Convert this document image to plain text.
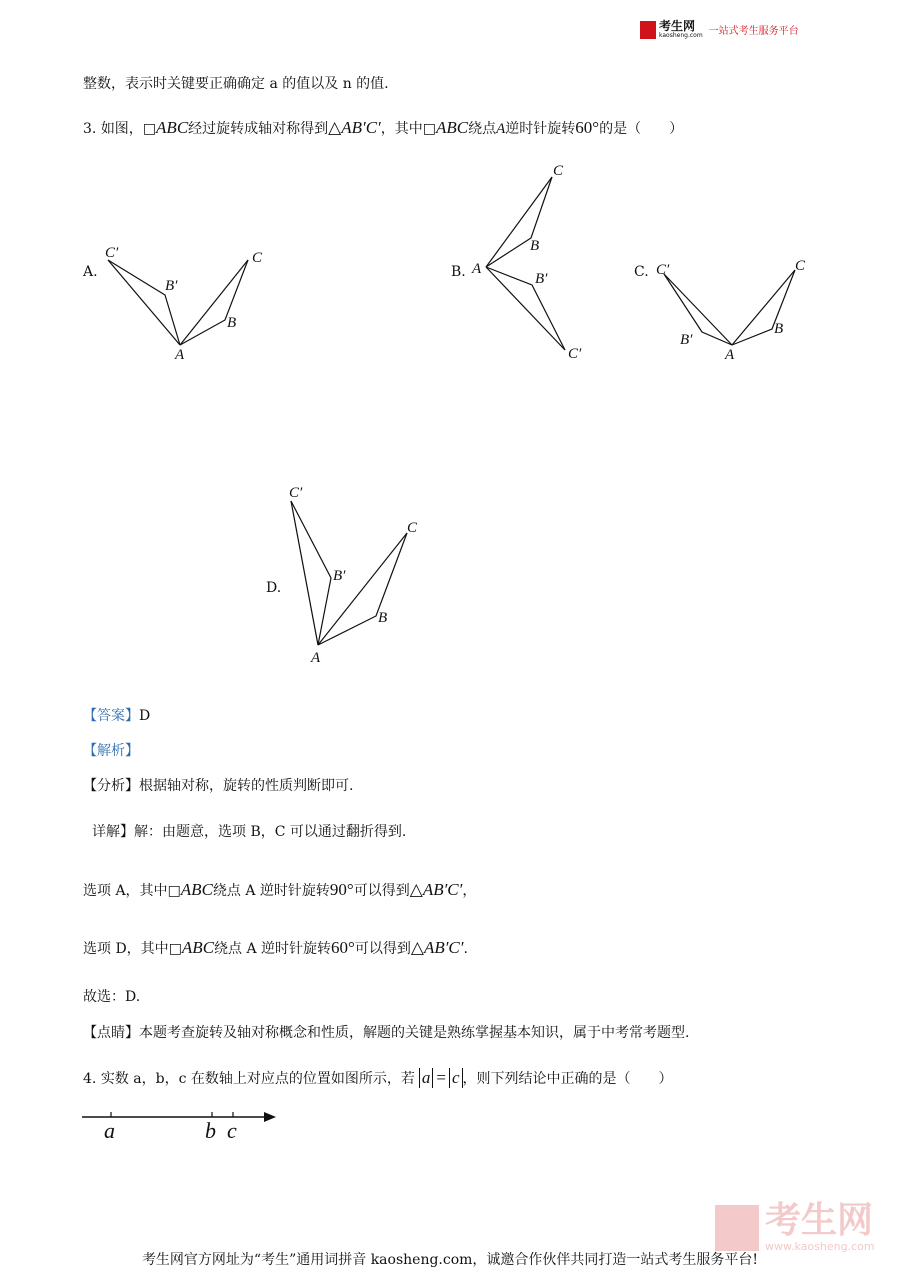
考生网
kaosheng.com 一站式考生服务平台
整数，表示时关键要正确确定 a 的值以及 n 的值.
3.
如图， □ ABC 经过旋转成轴对称得到 △ AB′C′ ，其中 □ ABC 绕点 A 逆时针旋转 60° 的是（　　）
A.
C′
B′
C
B
A
B.
C
B
A
B′
C′
C. C′	C
B′
B
A
D.
C′
C
B′
B
A
【答案】D
【解析】
【分析】根据轴对称，旋转的性质判断即可.
详解】解：由题意，选项 B，C 可以通过翻折得到.
选项 A，其中 □ ABC 绕点 A 逆时针旋转 90° 可以得到 △ AB′C′ ，
选项 D，其中 □ ABC 绕点 A 逆时针旋转 60° 可以得到 △ AB′C′ .
故选：D.
【点睛】本题考查旋转及轴对称概念和性质，解题的关键是熟练掌握基本知识，属于中考常考题型.
4.
实数 a，b，c 在数轴上对应点的位置如图所示，若 a = c ，则下列结论中正确的是（　　）
a	b c
考生网
www.kaosheng.com
考生网官方网址为“考生”通用词拼音 kaosheng.com，诚邀合作伙伴共同打造一站式考生服务平台!
